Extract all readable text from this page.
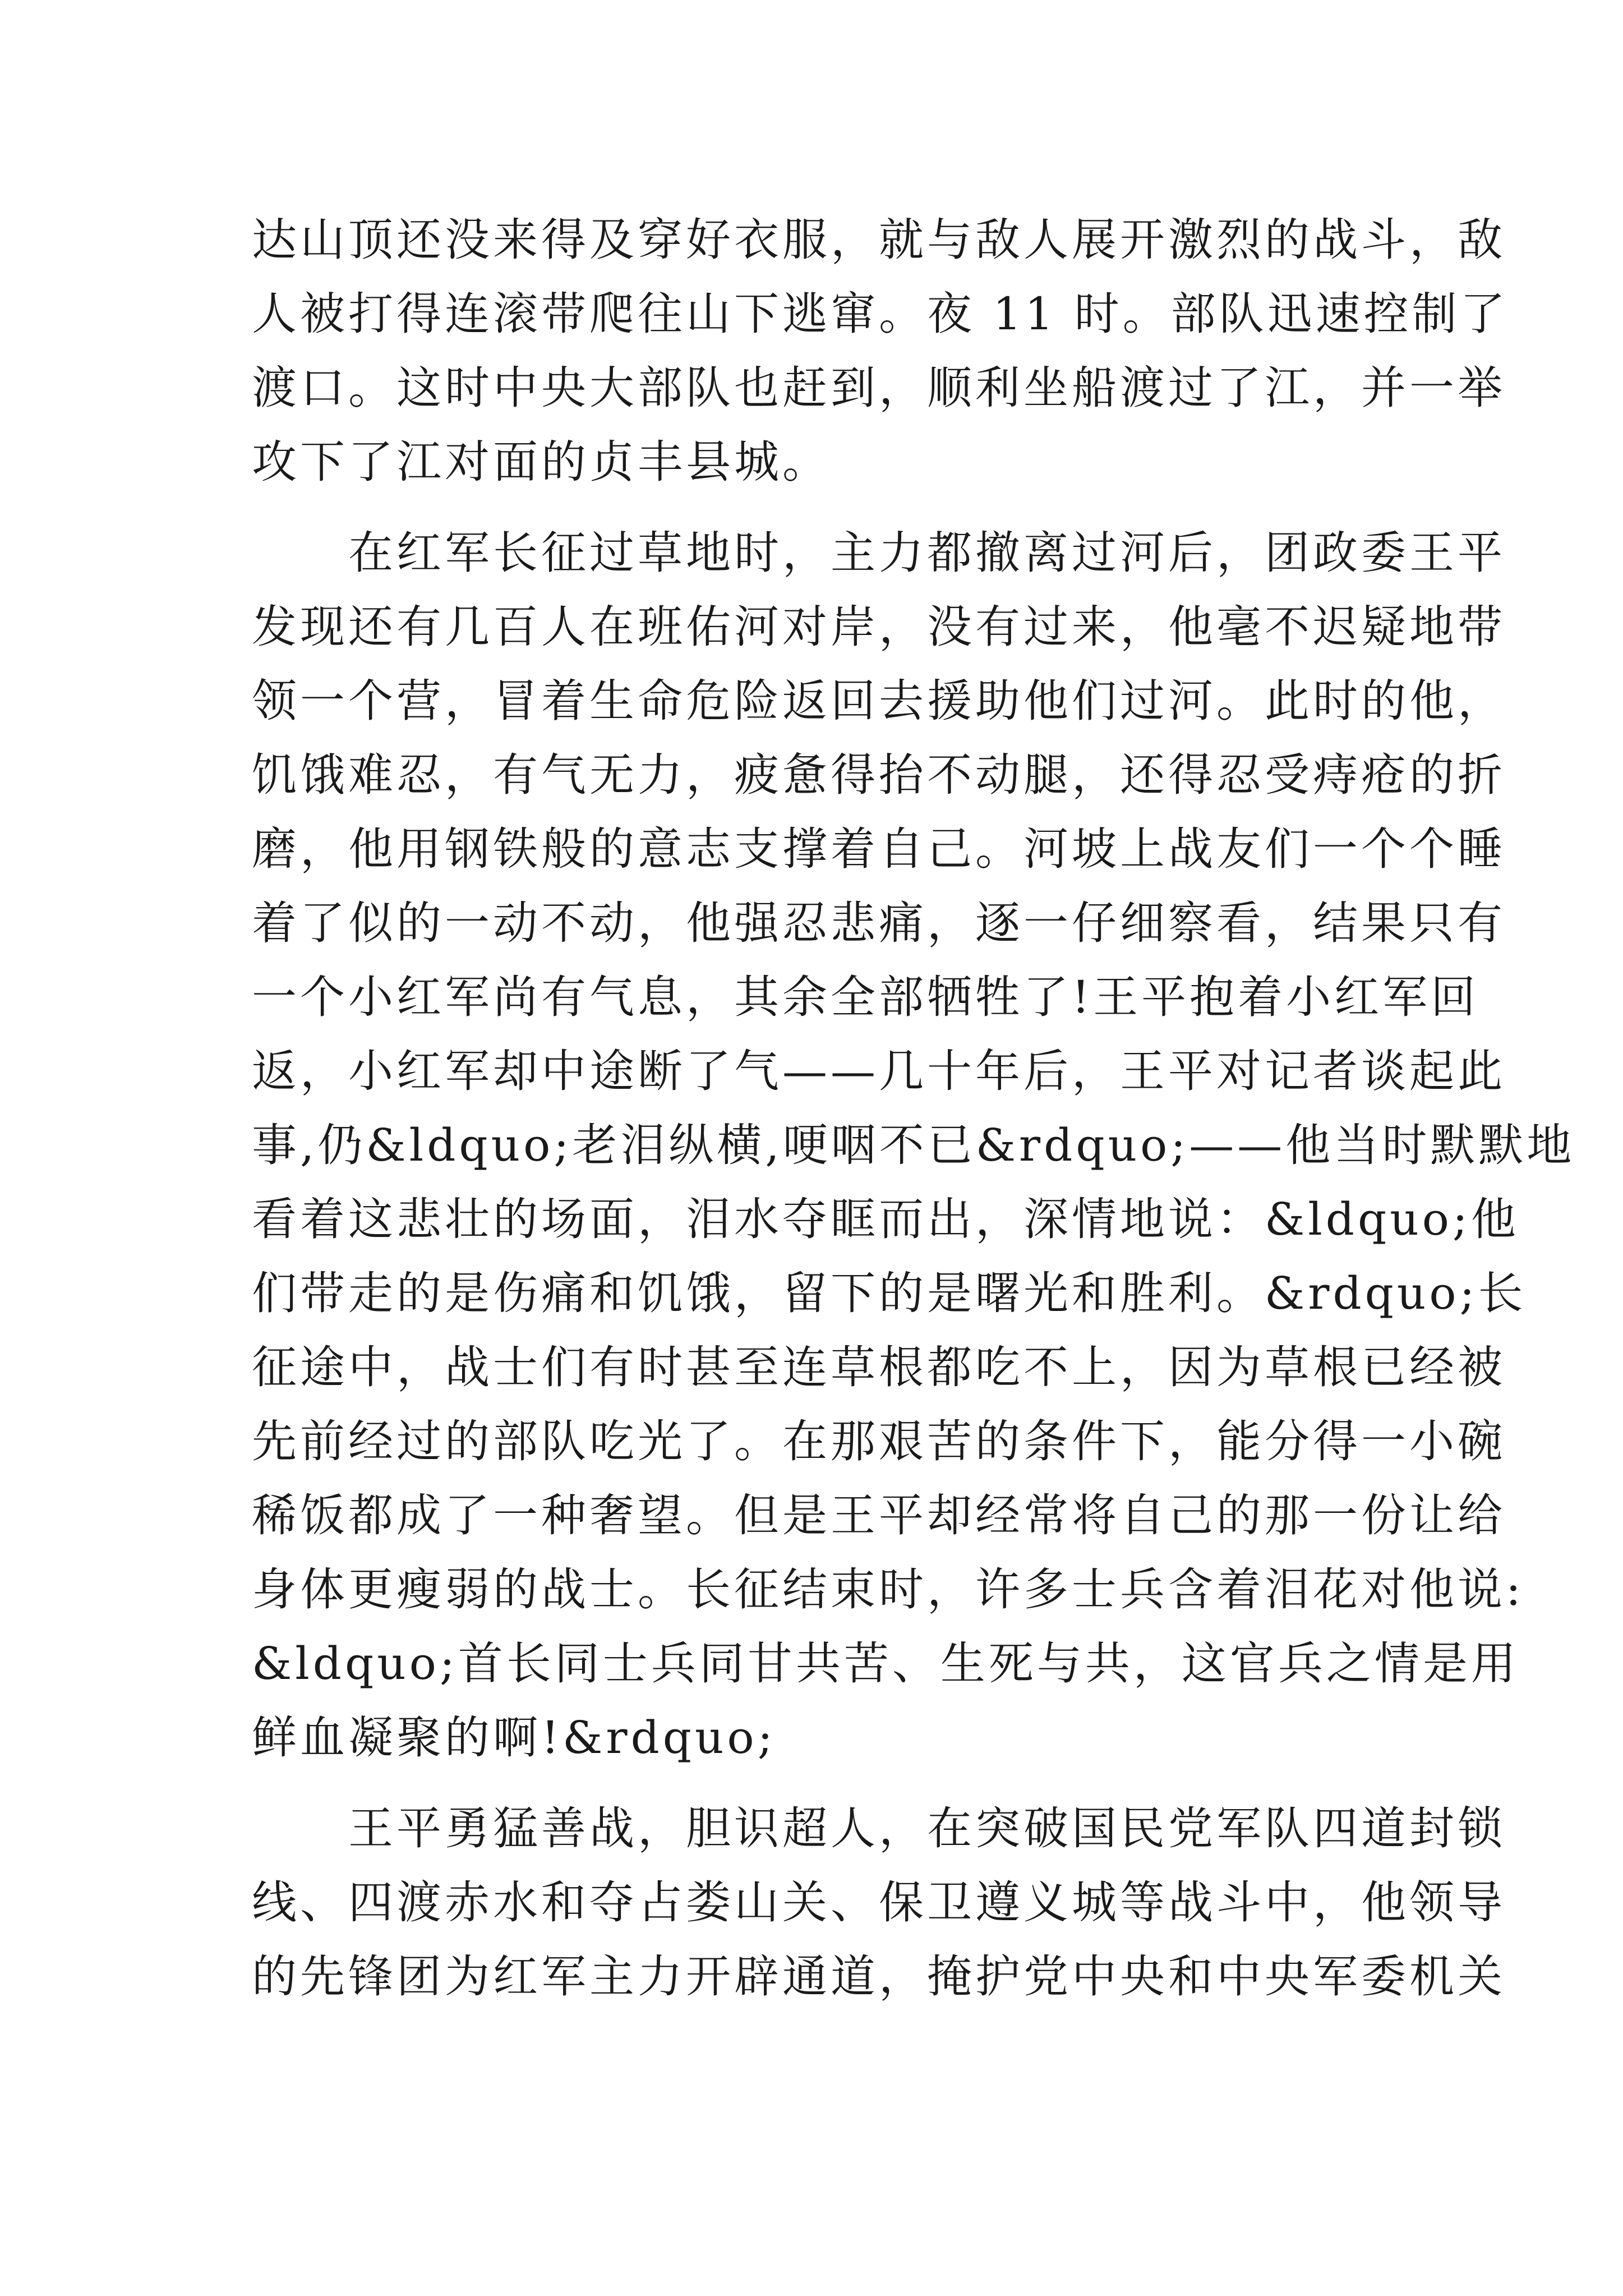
达山顶还没来得及穿好衣服，就与敌人展开激烈的战斗，敌
人被打得连滚带爬往山下逃窜。夜 11 时。部队迅速控制了
渡口。这时中央大部队也赶到，顺利坐船渡过了江，并一举
攻下了江对面的贞丰县城。
　　在红军长征过草地时，主力都撤离过河后，团政委王平
发现还有几百人在班佑河对岸，没有过来，他毫不迟疑地带
领一个营，冒着生命危险返回去援助他们过河。此时的他，
饥饿难忍，有气无力，疲惫得抬不动腿，还得忍受痔疮的折
磨，他用钢铁般的意志支撑着自己。河坡上战友们一个个睡
着了似的一动不动，他强忍悲痛，逐一仔细察看，结果只有
一个小红军尚有气息，其余全部牺牲了!王平抱着小红军回
返，小红军却中途断了气——几十年后，王平对记者谈起此
事,仍&ldquo;老泪纵横,哽咽不已&rdquo;——他当时默默地
看着这悲壮的场面，泪水夺眶而出，深情地说：&ldquo;他
们带走的是伤痛和饥饿，留下的是曙光和胜利。&rdquo;长
征途中，战士们有时甚至连草根都吃不上，因为草根已经被
先前经过的部队吃光了。在那艰苦的条件下，能分得一小碗
稀饭都成了一种奢望。但是王平却经常将自己的那一份让给
身体更瘦弱的战士。长征结束时，许多士兵含着泪花对他说:
&ldquo;首长同士兵同甘共苦、生死与共，这官兵之情是用
鲜血凝聚的啊!&rdquo;
　　王平勇猛善战，胆识超人，在突破国民党军队四道封锁
线、四渡赤水和夺占娄山关、保卫遵义城等战斗中，他领导
的先锋团为红军主力开辟通道，掩护党中央和中央军委机关
